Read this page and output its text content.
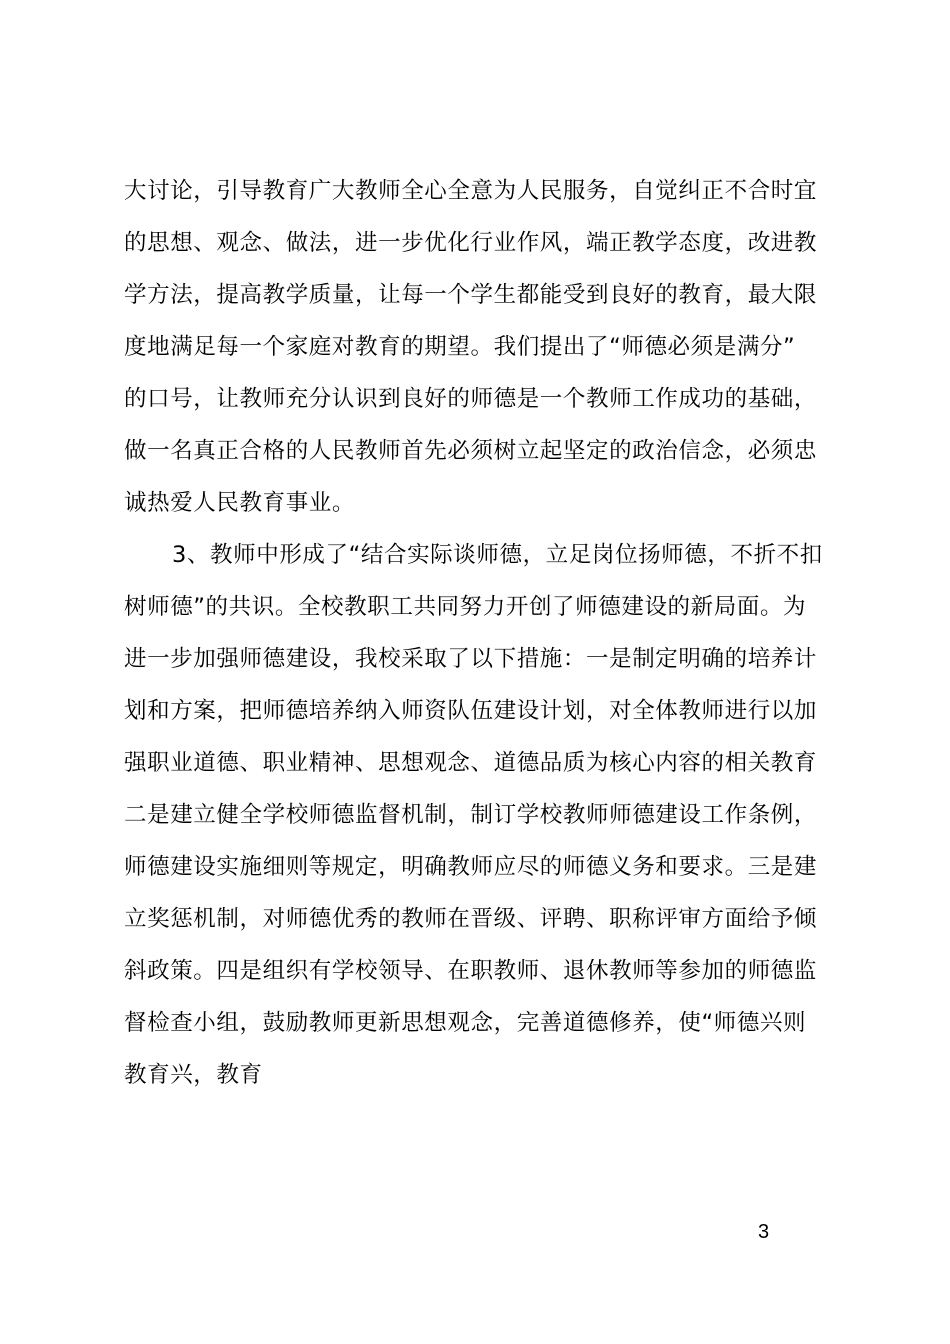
大讨论，引导教育广大教师全心全意为人民服务，自觉纠正不合时宜
的思想、观念、做法，进一步优化行业作风，端正教学态度，改进教
学方法，提高教学质量，让每一个学生都能受到良好的教育，最大限
度地满足每一个家庭对教育的期望。我们提出了“师德必须是满分”
的口号，让教师充分认识到良好的师德是一个教师工作成功的基础，
做一名真正合格的人民教师首先必须树立起坚定的政治信念，必须忠
诚热爱人民教育事业。
3、教师中形成了“结合实际谈师德，立足岗位扬师德，不折不扣
树师德”的共识。全校教职工共同努力开创了师德建设的新局面。为
进一步加强师德建设，我校采取了以下措施：一是制定明确的培养计
划和方案，把师德培养纳入师资队伍建设计划，对全体教师进行以加
强职业道德、职业精神、思想观念、道德品质为核心内容的相关教育
二是建立健全学校师德监督机制，制订学校教师师德建设工作条例，
师德建设实施细则等规定，明确教师应尽的师德义务和要求。三是建
立奖惩机制，对师德优秀的教师在晋级、评聘、职称评审方面给予倾
斜政策。四是组织有学校领导、在职教师、退休教师等参加的师德监
督检查小组，鼓励教师更新思想观念，完善道德修养，使“师德兴则
教育兴，教育
3
